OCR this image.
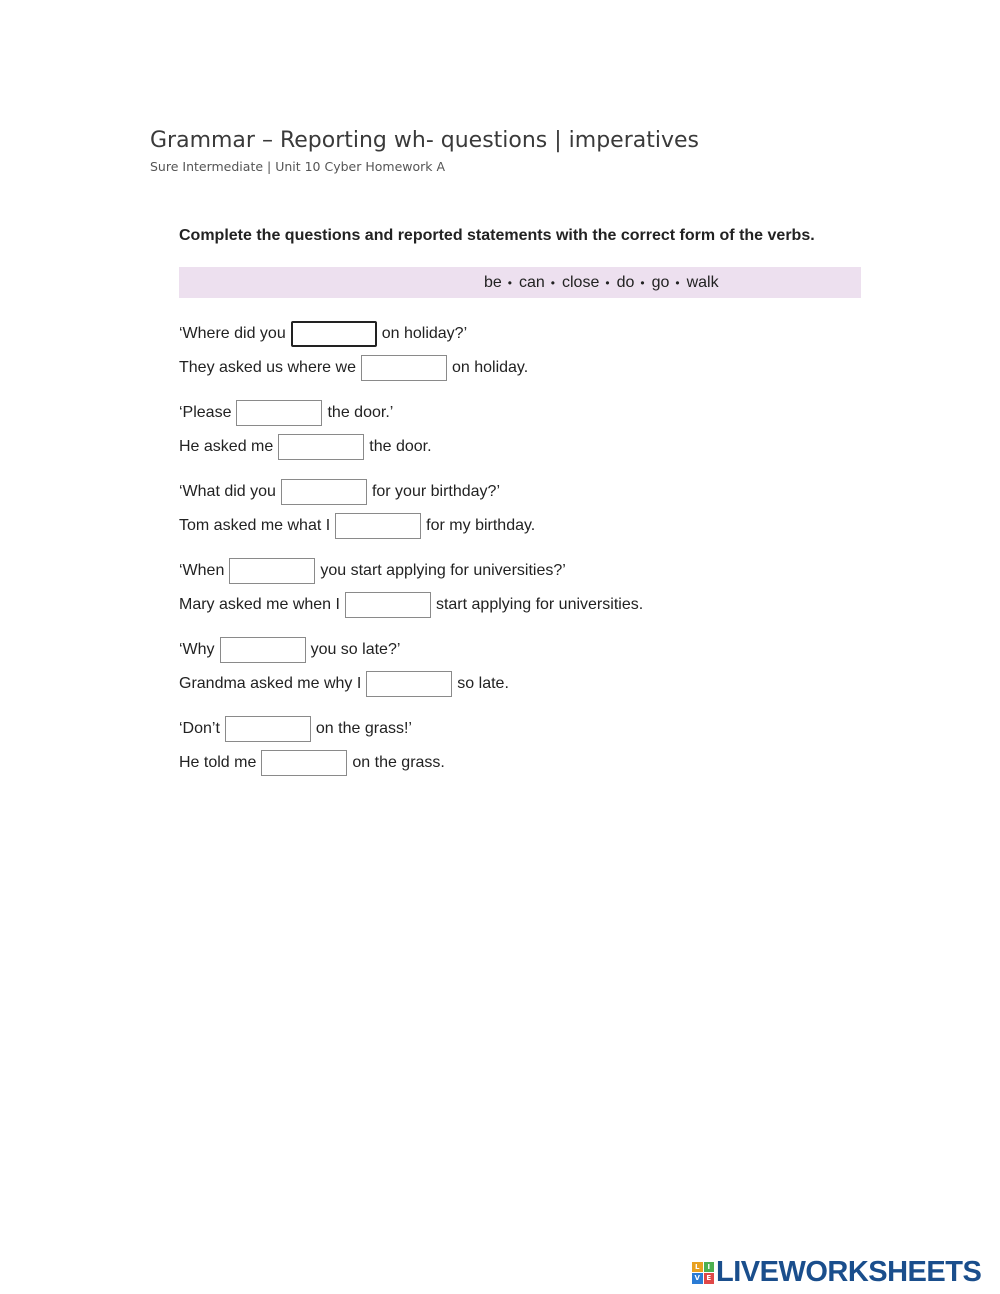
Grammar – Reporting wh- questions | imperatives
Sure Intermediate | Unit 10 Cyber Homework A
Complete the questions and reported statements with the correct form of the verbs.
be • can • close • do • go • walk
‘Where did you	on holiday?’
They asked us where we	on holiday.
‘Please	the door.’
He asked me	the door.
‘What did you	for your birthday?’
Tom asked me what I	for my birthday.
‘When	you start applying for universities?’
Mary asked me when I	start applying for universities.
‘Why	you so late?’
Grandma asked me why I	so late.
‘Don’t	on the grass!’
He told me	on the grass.
L	I
V E LIVEWORKSHEETS
